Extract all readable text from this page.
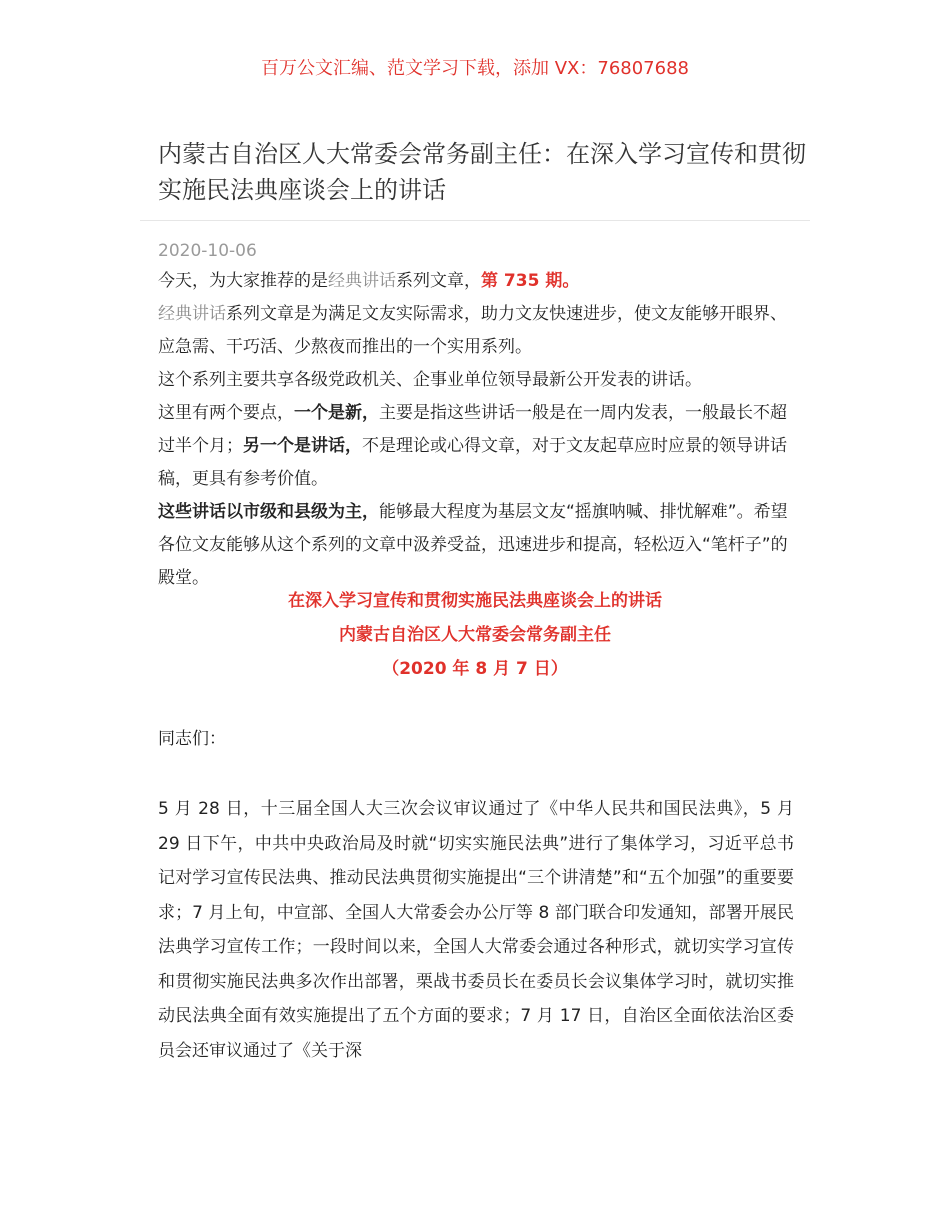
百万公文汇编、范文学习下载，添加 VX：76807688
内蒙古自治区人大常委会常务副主任：在深入学习宣传和贯彻实施民法典座谈会上的讲话
2020-10-06

今天，为大家推荐的是经典讲话系列文章，第 735 期。

经典讲话系列文章是为满足文友实际需求，助力文友快速进步，使文友能够开眼界、应急需、干巧活、少熬夜而推出的一个实用系列。

这个系列主要共享各级党政机关、企事业单位领导最新公开发表的讲话。

这里有两个要点，一个是新，主要是指这些讲话一般是在一周内发表，一般最长不超过半个月；另一个是讲话，不是理论或心得文章，对于文友起草应时应景的领导讲话稿，更具有参考价值。

这些讲话以市级和县级为主，能够最大程度为基层文友“摇旗呐喊、排忧解难”。希望各位文友能够从这个系列的文章中汲养受益，迅速进步和提高，轻松迈入“笔杆子”的殿堂。

在深入学习宣传和贯彻实施民法典座谈会上的讲话
内蒙古自治区人大常委会常务副主任
（2020 年 8 月 7 日）

同志们：

5 月 28 日，十三届全国人大三次会议审议通过了《中华人民共和国民法典》，5 月 29 日下午，中共中央政治局及时就“切实实施民法典”进行了集体学习，习近平总书记对学习宣传民法典、推动民法典贯彻实施提出“三个讲清楚”和“五个加强”的重要要求；7 月上旬，中宣部、全国人大常委会办公厅等 8 部门联合印发通知，部署开展民法典学习宣传工作；一段时间以来，全国人大常委会通过各种形式，就切实学习宣传和贯彻实施民法典多次作出部署，栗战书委员长在委员长会议集体学习时，就切实推动民法典全面有效实施提出了五个方面的要求；7 月 17 日，自治区全面依法治区委员会还审议通过了《关于深
